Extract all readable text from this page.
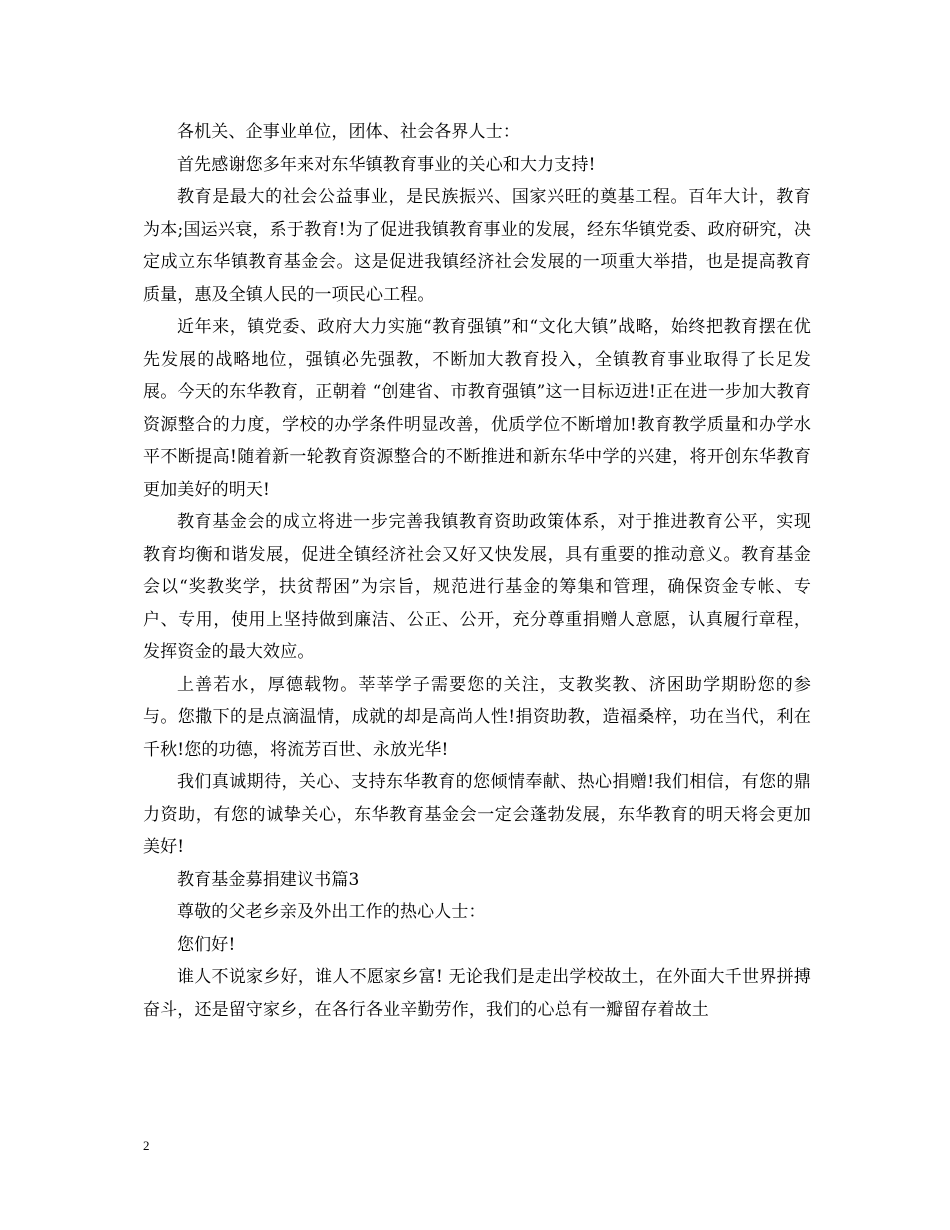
各机关、企事业单位，团体、社会各界人士：

首先感谢您多年来对东华镇教育事业的关心和大力支持!

教育是最大的社会公益事业，是民族振兴、国家兴旺的奠基工程。百年大计，教育为本;国运兴衰，系于教育!为了促进我镇教育事业的发展，经东华镇党委、政府研究，决定成立东华镇教育基金会。这是促进我镇经济社会发展的一项重大举措，也是提高教育质量，惠及全镇人民的一项民心工程。

近年来，镇党委、政府大力实施“教育强镇”和“文化大镇”战略，始终把教育摆在优先发展的战略地位，强镇必先强教，不断加大教育投入，全镇教育事业取得了长足发展。今天的东华教育，正朝着 “创建省、市教育强镇”这一目标迈进!正在进一步加大教育资源整合的力度，学校的办学条件明显改善，优质学位不断增加!教育教学质量和办学水平不断提高!随着新一轮教育资源整合的不断推进和新东华中学的兴建，将开创东华教育更加美好的明天!

教育基金会的成立将进一步完善我镇教育资助政策体系，对于推进教育公平，实现教育均衡和谐发展，促进全镇经济社会又好又快发展，具有重要的推动意义。教育基金会以“奖教奖学，扶贫帮困”为宗旨，规范进行基金的筹集和管理，确保资金专帐、专户、专用，使用上坚持做到廉洁、公正、公开，充分尊重捐赠人意愿，认真履行章程，发挥资金的最大效应。

上善若水，厚德载物。莘莘学子需要您的关注，支教奖教、济困助学期盼您的参与。您撒下的是点滴温情，成就的却是高尚人性!捐资助教，造福桑梓，功在当代，利在千秋!您的功德，将流芳百世、永放光华!

我们真诚期待，关心、支持东华教育的您倾情奉献、热心捐赠!我们相信，有您的鼎力资助，有您的诚挚关心，东华教育基金会一定会蓬勃发展，东华教育的明天将会更加美好!

教育基金募捐建议书篇3

尊敬的父老乡亲及外出工作的热心人士：

您们好!

谁人不说家乡好，谁人不愿家乡富! 无论我们是走出学校故土，在外面大千世界拼搏奋斗，还是留守家乡，在各行各业辛勤劳作，我们的心总有一瓣留存着故土

2
